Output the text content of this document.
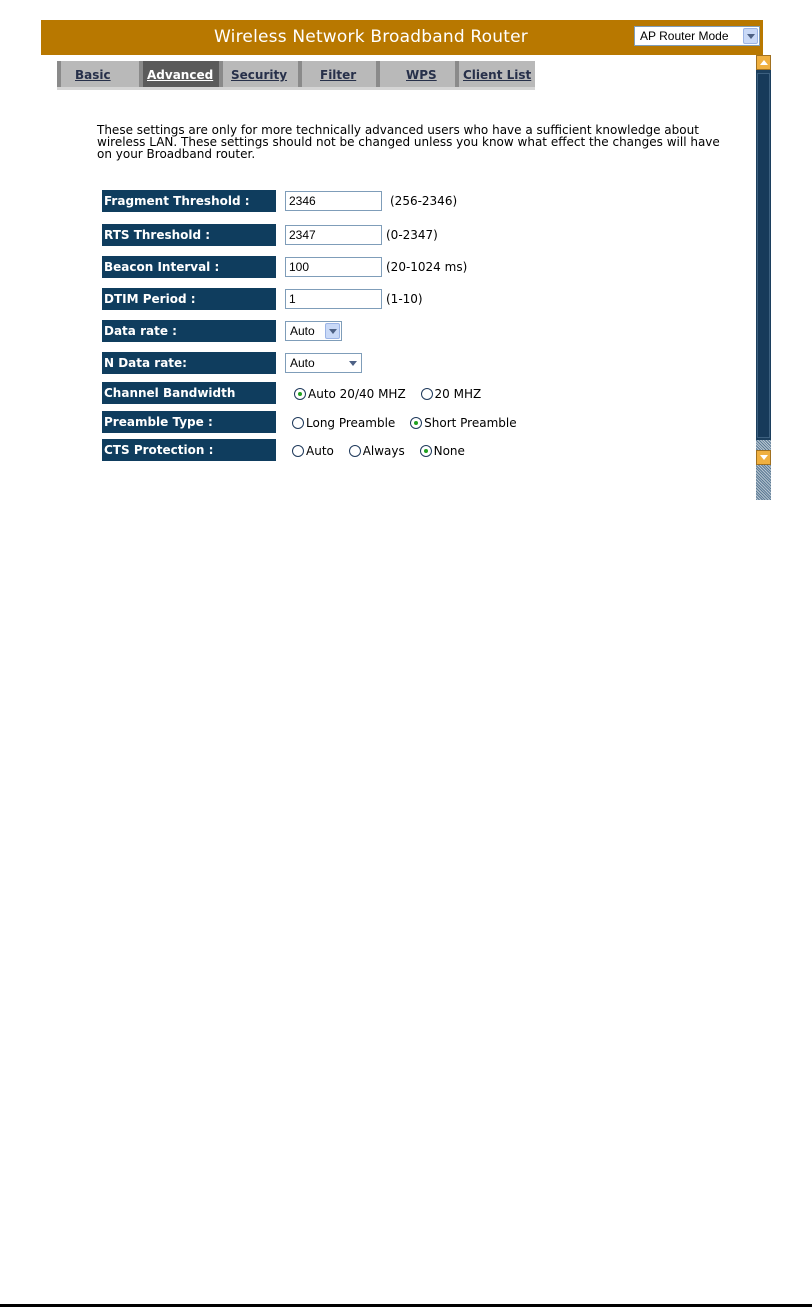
Wireless Network Broadband Router	AP Router Mode
Basic	Advanced	Security	Filter	WPS	Client List
These settings are only for more technically advanced users who have a sufficient knowledge about wireless LAN. These settings should not be changed unless you know what effect the changes will have on your Broadband router.
Fragment Threshold :	2346	(256-2346)
RTS Threshold :	2347	(0-2347)
Beacon Interval :	100	(20-1024 ms)
DTIM Period :	1	(1-10)
Data rate :	Auto
N Data rate:	Auto
Channel Bandwidth	Auto 20/40 MHZ 20 MHZ
Preamble Type :	Long Preamble Short Preamble
CTS Protection :	Auto Always None
